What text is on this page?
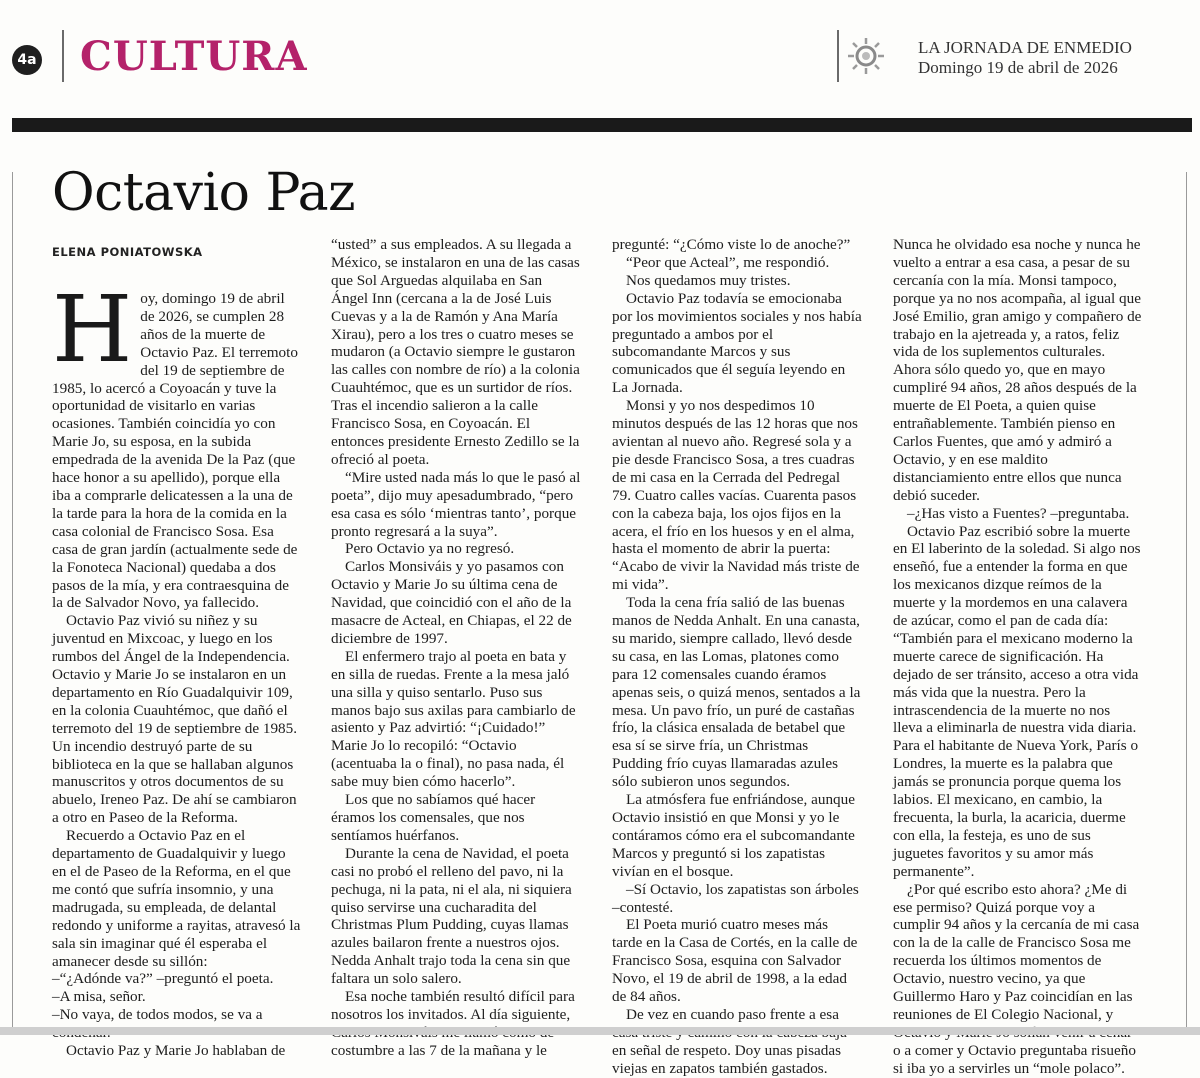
4a CULTURA	LA JORNADA DE ENMEDIO
Domingo 19 de abril de 2026
Octavio Paz
ELENA PONIATOWSKA
H oy, domingo 19 de abril de 2026, se cumplen 28 años de la muerte de Octavio Paz. El terremoto del 19 de septiembre de 1985, lo acercó a Coyoacán y tuve la oportunidad de visitarlo en varias ocasiones. También coincidía yo con Marie Jo, su esposa, en la subida empedrada de la avenida De la Paz (que hace honor a su apellido), porque ella iba a comprarle delicatessen a la una de la tarde para la hora de la comida en la casa colonial de Francisco Sosa. Esa casa de gran jardín (actualmente sede de la Fonoteca Nacional) quedaba a dos pasos de la mía, y era contraesquina de la de Salvador Novo, ya fallecido.

Octavio Paz vivió su niñez y su juventud en Mixcoac, y luego en los rumbos del Ángel de la Independencia. Octavio y Marie Jo se instalaron en un departamento en Río Guadalquivir 109, en la colonia Cuauhtémoc, que dañó el terremoto del 19 de septiembre de 1985. Un incendio destruyó parte de su biblioteca en la que se hallaban algunos manuscritos y otros documentos de su abuelo, Ireneo Paz. De ahí se cambiaron a otro en Paseo de la Reforma.

Recuerdo a Octavio Paz en el departamento de Guadalquivir y luego en el de Paseo de la Reforma, en el que me contó que sufría insomnio, y una madrugada, su empleada, de delantal redondo y uniforme a rayitas, atravesó la sala sin imaginar qué él esperaba el amanecer desde su sillón:

–“¿Adónde va?” –preguntó el poeta.

–A misa, señor.

–No vaya, de todos modos, se va a

Octavio Paz y Marie Jo hablaban de

“usted” a sus empleados. A su llegada a México, se instalaron en una de las casas que Sol Arguedas alquilaba en San Ángel Inn (cercana a la de José Luis Cuevas y a la de Ramón y Ana María Xirau), pero a los tres o cuatro meses se mudaron (a Octavio siempre le gustaron las calles con nombre de río) a la colonia Cuauhtémoc, que es un surtidor de ríos. Tras el incendio salieron a la calle Francisco Sosa, en Coyoacán. El entonces presidente Ernesto Zedillo se la ofreció al poeta.

“Mire usted nada más lo que le pasó al poeta”, dijo muy apesadumbrado, “pero esa casa es sólo ‘mientras tanto’, porque pronto regresará a la suya”.

Pero Octavio ya no regresó.

Carlos Monsiváis y yo pasamos con Octavio y Marie Jo su última cena de Navidad, que coincidió con el año de la masacre de Acteal, en Chiapas, el 22 de diciembre de 1997.

El enfermero trajo al poeta en bata y en silla de ruedas. Frente a la mesa jaló una silla y quiso sentarlo. Puso sus manos bajo sus axilas para cambiarlo de asiento y Paz advirtió: “¡Cuidado!” Marie Jo lo recopiló: “Octavio (acentuaba la o final), no pasa nada, él sabe muy bien cómo hacerlo”.

Los que no sabíamos qué hacer éramos los comensales, que nos sentíamos huérfanos.

Durante la cena de Navidad, el poeta casi no probó el relleno del pavo, ni la pechuga, ni la pata, ni el ala, ni siquiera quiso servirse una cucharadita del Christmas Plum Pudding, cuyas llamas azules bailaron frente a nuestros ojos. Nedda Anhalt trajo toda la cena sin que faltara un solo salero.

Esa noche también resultó difícil para nosotros los invitados. Al día siguiente, costumbre a las 7 de la mañana y le

pregunté: “¿Cómo viste lo de anoche?”

“Peor que Acteal”, me respondió.

Nos quedamos muy tristes.

Octavio Paz todavía se emocionaba por los movimientos sociales y nos había preguntado a ambos por el subcomandante Marcos y sus comunicados que él seguía leyendo en La Jornada.

Monsi y yo nos despedimos 10 minutos después de las 12 horas que nos avientan al nuevo año. Regresé sola y a pie desde Francisco Sosa, a tres cuadras de mi casa en la Cerrada del Pedregal 79. Cuatro calles vacías. Cuarenta pasos con la cabeza baja, los ojos fijos en la acera, el frío en los huesos y en el alma, hasta el momento de abrir la puerta: “Acabo de vivir la Navidad más triste de mi vida”.

Toda la cena fría salió de las buenas manos de Nedda Anhalt. En una canasta, su marido, siempre callado, llevó desde su casa, en las Lomas, platones como para 12 comensales cuando éramos apenas seis, o quizá menos, sentados a la mesa. Un pavo frío, un puré de castañas frío, la clásica ensalada de betabel que esa sí se sirve fría, un Christmas Pudding frío cuyas llamaradas azules sólo subieron unos segundos.

La atmósfera fue enfriándose, aunque Octavio insistió en que Monsi y yo le contáramos cómo era el subcomandante Marcos y preguntó si los zapatistas vivían en el bosque.

–Sí Octavio, los zapatistas son árboles –contesté.

El Poeta murió cuatro meses más tarde en la Casa de Cortés, en la calle de Francisco Sosa, esquina con Salvador Novo, el 19 de abril de 1998, a la edad de 84 años.

De vez en cuando paso frente a esa en señal de respeto. Doy unas pisadas viejas en zapatos también gastados.

Nunca he olvidado esa noche y nunca he vuelto a entrar a esa casa, a pesar de su cercanía con la mía. Monsi tampoco, porque ya no nos acompaña, al igual que José Emilio, gran amigo y compañero de trabajo en la ajetreada y, a ratos, feliz vida de los suplementos culturales. Ahora sólo quedo yo, que en mayo cumpliré 94 años, 28 años después de la muerte de El Poeta, a quien quise entrañablemente. También pienso en Carlos Fuentes, que amó y admiró a Octavio, y en ese maldito distanciamiento entre ellos que nunca debió suceder.

–¿Has visto a Fuentes? –preguntaba.

Octavio Paz escribió sobre la muerte en El laberinto de la soledad. Si algo nos enseñó, fue a entender la forma en que los mexicanos dizque reímos de la muerte y la mordemos en una calavera de azúcar, como el pan de cada día: “También para el mexicano moderno la muerte carece de significación. Ha dejado de ser tránsito, acceso a otra vida más vida que la nuestra. Pero la intrascendencia de la muerte no nos lleva a eliminarla de nuestra vida diaria. Para el habitante de Nueva York, París o Londres, la muerte es la palabra que jamás se pronuncia porque quema los labios. El mexicano, en cambio, la frecuenta, la burla, la acaricia, duerme con ella, la festeja, es uno de sus juguetes favoritos y su amor más permanente”.

¿Por qué escribo esto ahora? ¿Me di ese permiso? Quizá porque voy a cumplir 94 años y la cercanía de mi casa con la de la calle de Francisco Sosa me recuerda los últimos momentos de Octavio, nuestro vecino, ya que Guillermo Haro y Paz coincidían en las reuniones de El Colegio Nacional, y o a comer y Octavio preguntaba risueño si iba yo a servirles un “mole polaco”.
